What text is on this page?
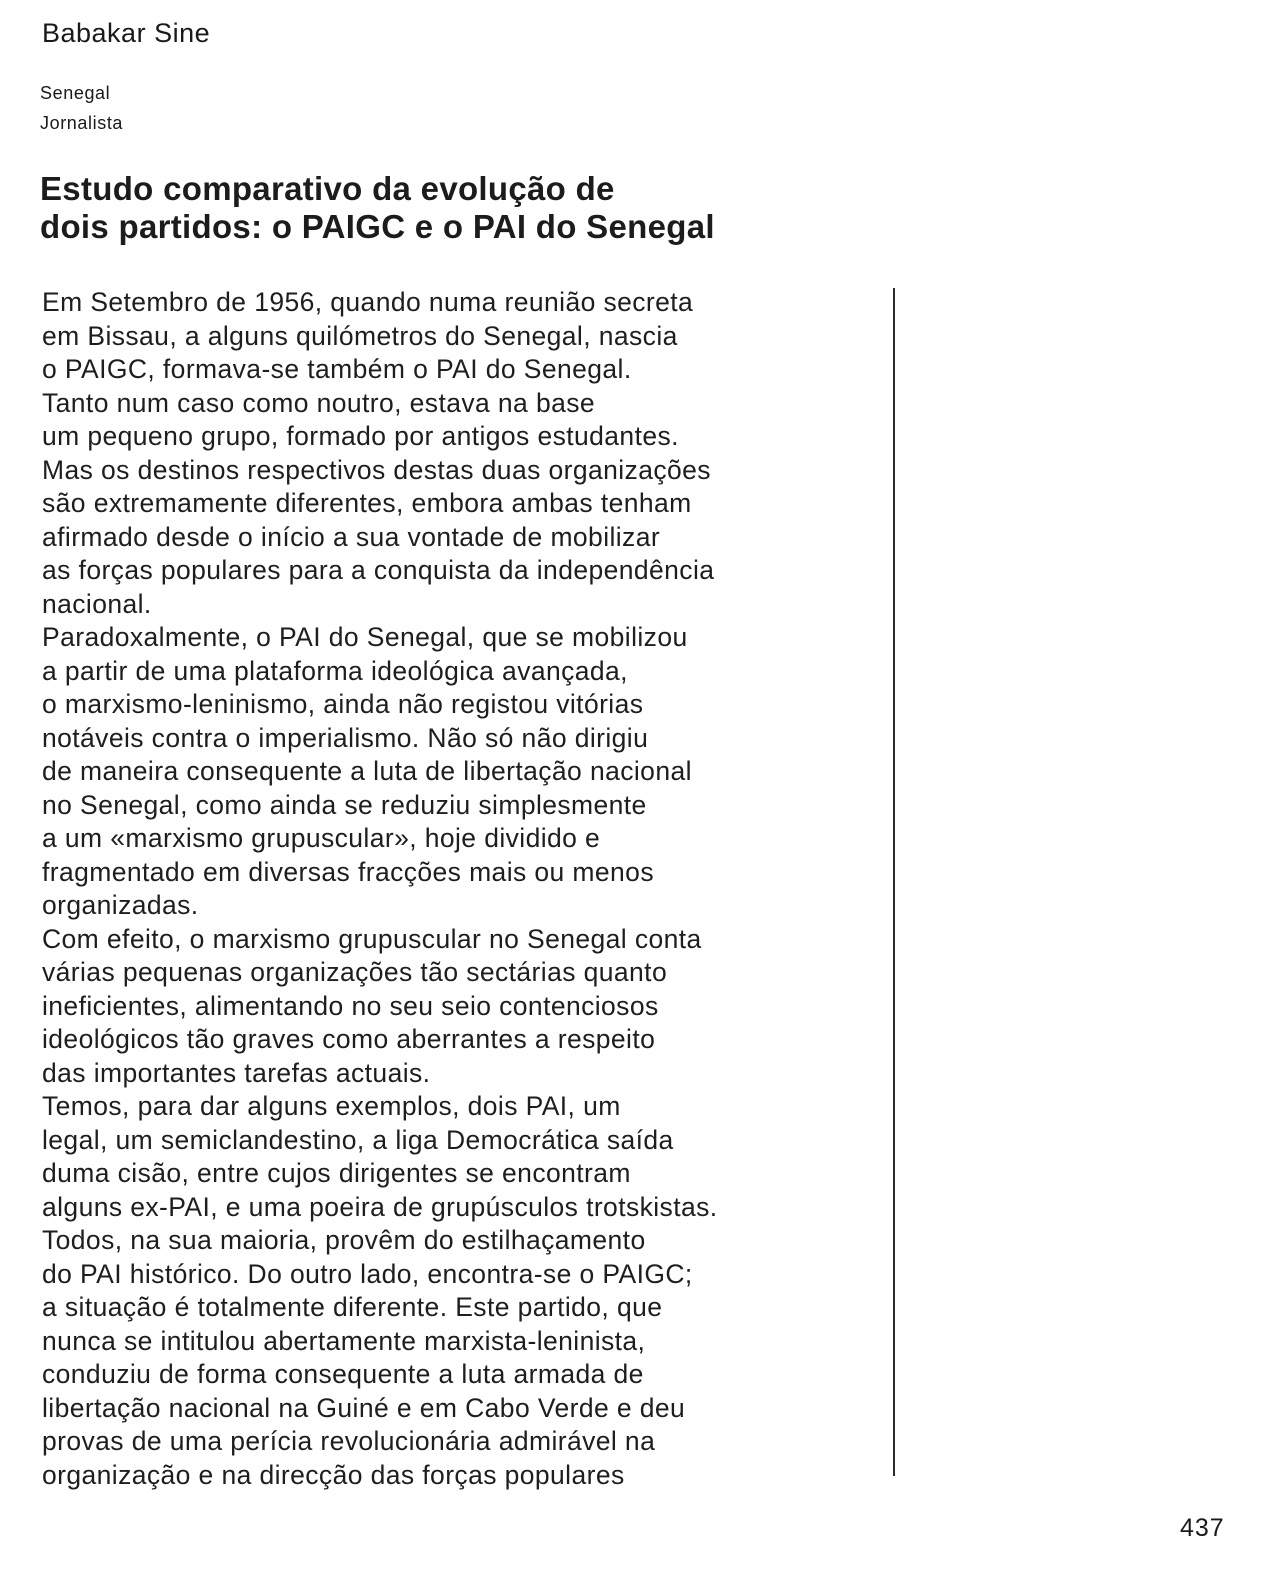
Babakar Sine
Senegal
Jornalista
Estudo comparativo da evolução de
dois partidos: o PAIGC e o PAI do Senegal
Em Setembro de 1956, quando numa reunião secreta
em Bissau, a alguns quilómetros do Senegal, nascia
o PAIGC, formava-se também o PAI do Senegal.
Tanto num caso como noutro, estava na base
um pequeno grupo, formado por antigos estudantes.
Mas os destinos respectivos destas duas organizações
são extremamente diferentes, embora ambas tenham
afirmado desde o início a sua vontade de mobilizar
as forças populares para a conquista da independência
nacional.
Paradoxalmente, o PAI do Senegal, que se mobilizou
a partir de uma plataforma ideológica avançada,
o marxismo-leninismo, ainda não registou vitórias
notáveis contra o imperialismo. Não só não dirigiu
de maneira consequente a luta de libertação nacional
no Senegal, como ainda se reduziu simplesmente
a um «marxismo grupuscular», hoje dividido e
fragmentado em diversas fracções mais ou menos
organizadas.
Com efeito, o marxismo grupuscular no Senegal conta
várias pequenas organizações tão sectárias quanto
ineficientes, alimentando no seu seio contenciosos
ideológicos tão graves como aberrantes a respeito
das importantes tarefas actuais.
Temos, para dar alguns exemplos, dois PAI, um
legal, um semiclandestino, a liga Democrática saída
duma cisão, entre cujos dirigentes se encontram
alguns ex-PAI, e uma poeira de grupúsculos trotskistas.
Todos, na sua maioria, provêm do estilhaçamento
do PAI histórico. Do outro lado, encontra-se o PAIGC;
a situação é totalmente diferente. Este partido, que
nunca se intitulou abertamente marxista-leninista,
conduziu de forma consequente a luta armada de
libertação nacional na Guiné e em Cabo Verde e deu
provas de uma perícia revolucionária admirável na
organização e na direcção das forças populares
437
